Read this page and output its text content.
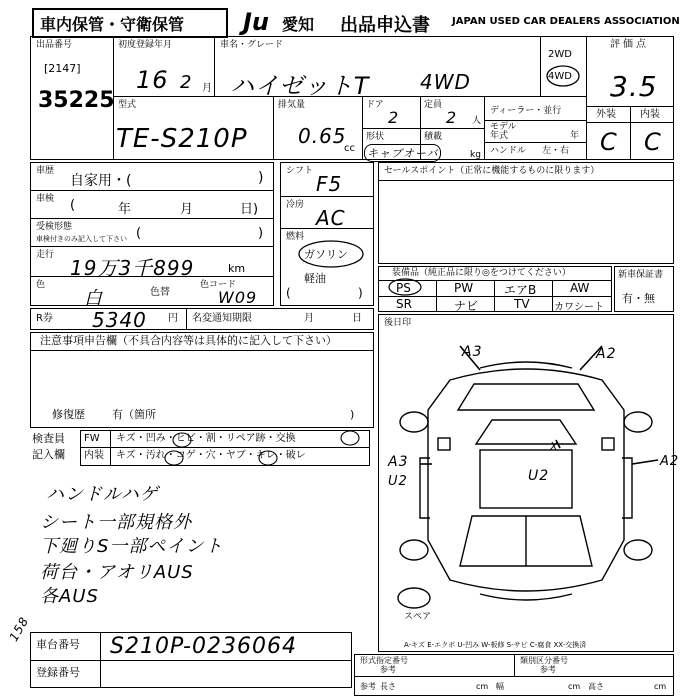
車内保管・守衛保管 Ju 愛知 出品申込書 JAPAN USED CAR DEALERS ASSOCIATION
出品番号
[2147]
35225
初度登録年月
16 2 月
車名・グレード
ハイゼットT	4WD
2WD
4WD
評価点
3.5
外装 内装
C C
型式
TE-S210P
排気量
0.65
cc
ドア
2
定員
2 人
形状
キャブオーバ
積載
kg
ディーラー・並行
モデル
年式	年
ハンドル 左・右
車歴
自家用・(	)
車検 (	年	月	日)
受検形態
車検付きのみ記入して下さい (	)
走行
19万3千899	km
色
白	色替
色コード
W09
シフト
F5
冷房
AC
燃料
ガソリン
軽油
(	)
セールスポイント（正常に機能するものに限ります）
装備品（純正品に限り◎をつけてください）
PS	PW	エアB	AW
SR	ナビ	TV カワシート
新車保証書
有・無
R券 5340 円 名変通知期限	月	日
注意事項申告欄（不具合内容等は具体的に記入して下さい）
修復歴 有（箇所	)
検査員
記入欄
FW キズ・凹み・ヒビ・割・リペア跡・交換
内装 キズ・汚れ・コゲ・穴・ヤブ・キレ・破レ
ハンドルハゲ
シート一部規格外
下廻りS一部ペイント
荷台・アオリAUS
各AUS
後日印
A3	A2
A3
U2	U2
A2
X
スペア
A-キズ E-エクボ U-凹み W-板修 S-サビ C-腐食 XX-交換済
158
車台番号 S210P-0236064
登録番号
形式指定番号
参考
類別区分番号
参考
参考 長さ	cm 幅	cm 高さ	cm
